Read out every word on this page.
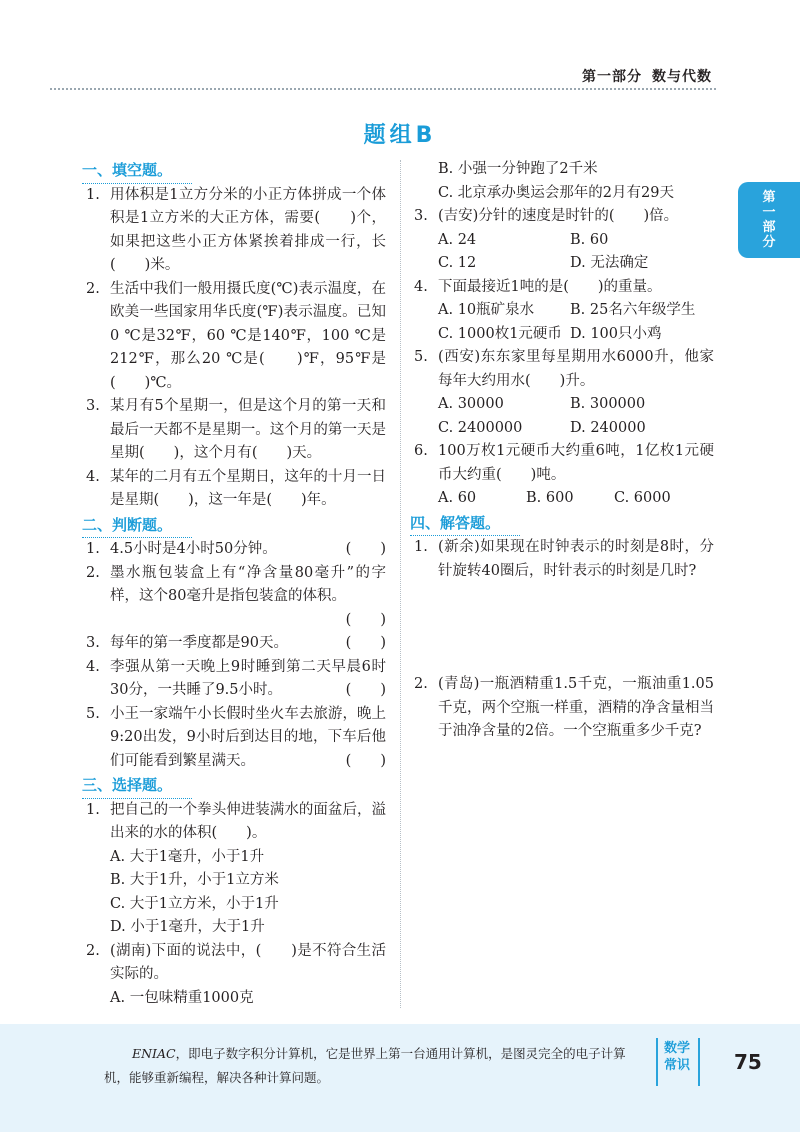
第一部分 数与代数
题组B
第一部分
一、填空题。
1. 用体积是1立方分米的小正方体拼成一个体积是1立方米的大正方体，需要(　　)个，如果把这些小正方体紧挨着排成一行，长(　　)米。
2. 生活中我们一般用摄氏度(℃)表示温度，在欧美一些国家用华氏度(℉)表示温度。已知0 ℃是32℉，60 ℃是140℉，100 ℃是212℉，那么20 ℃是(　　)℉，95℉是(　　)℃。
3. 某月有5个星期一，但是这个月的第一天和最后一天都不是星期一。这个月的第一天是星期(　　)，这个月有(　　)天。
4. 某年的二月有五个星期日，这年的十月一日是星期(　　)，这一年是(　　)年。
二、判断题。
1. 4.5小时是4小时50分钟。	(　　)
2. 墨水瓶包装盒上有“净含量80毫升”的字样，这个80毫升是指包装盒的体积。
(　　)
3. 每年的第一季度都是90天。	(　　)
4. 李强从第一天晚上9时睡到第二天早晨6时30分，一共睡了9.5小时。	(　　)
5. 小王一家端午小长假时坐火车去旅游，晚上9:20出发，9小时后到达目的地，下车后他们可能看到繁星满天。	(　　)
三、选择题。
1. 把自己的一个拳头伸进装满水的面盆后，溢出来的水的体积(　　)。
A. 大于1毫升，小于1升
B. 大于1升，小于1立方米
C. 大于1立方米，小于1升
D. 小于1毫升，大于1升
2. (湖南)下面的说法中，(　　)是不符合生活实际的。
A. 一包味精重1000克
B. 小强一分钟跑了2千米
C. 北京承办奥运会那年的2月有29天
3. (吉安)分针的速度是时针的(　　)倍。
A. 24	B. 60
C. 12	D. 无法确定
4. 下面最接近1吨的是(　　)的重量。
A. 10瓶矿泉水	B. 25名六年级学生
C. 1000枚1元硬币 D. 100只小鸡
5. (西安)东东家里每星期用水6000升，他家每年大约用水(　　)升。
A. 30000	B. 300000
C. 2400000	D. 240000
6. 100万枚1元硬币大约重6吨，1亿枚1元硬币大约重(　　)吨。
A. 60	B. 600	C. 6000
四、解答题。
1. (新余)如果现在时钟表示的时刻是8时，分针旋转40圈后，时针表示的时刻是几时?
2. (青岛)一瓶酒精重1.5千克，一瓶油重1.05千克，两个空瓶一样重，酒精的净含量相当于油净含量的2倍。一个空瓶重多少千克?
ENIAC，即电子数字积分计算机，它是世界上第一台通用计算机，是图灵完全的电子计算
机，能够重新编程，解决各种计算问题。
数学常识 75
